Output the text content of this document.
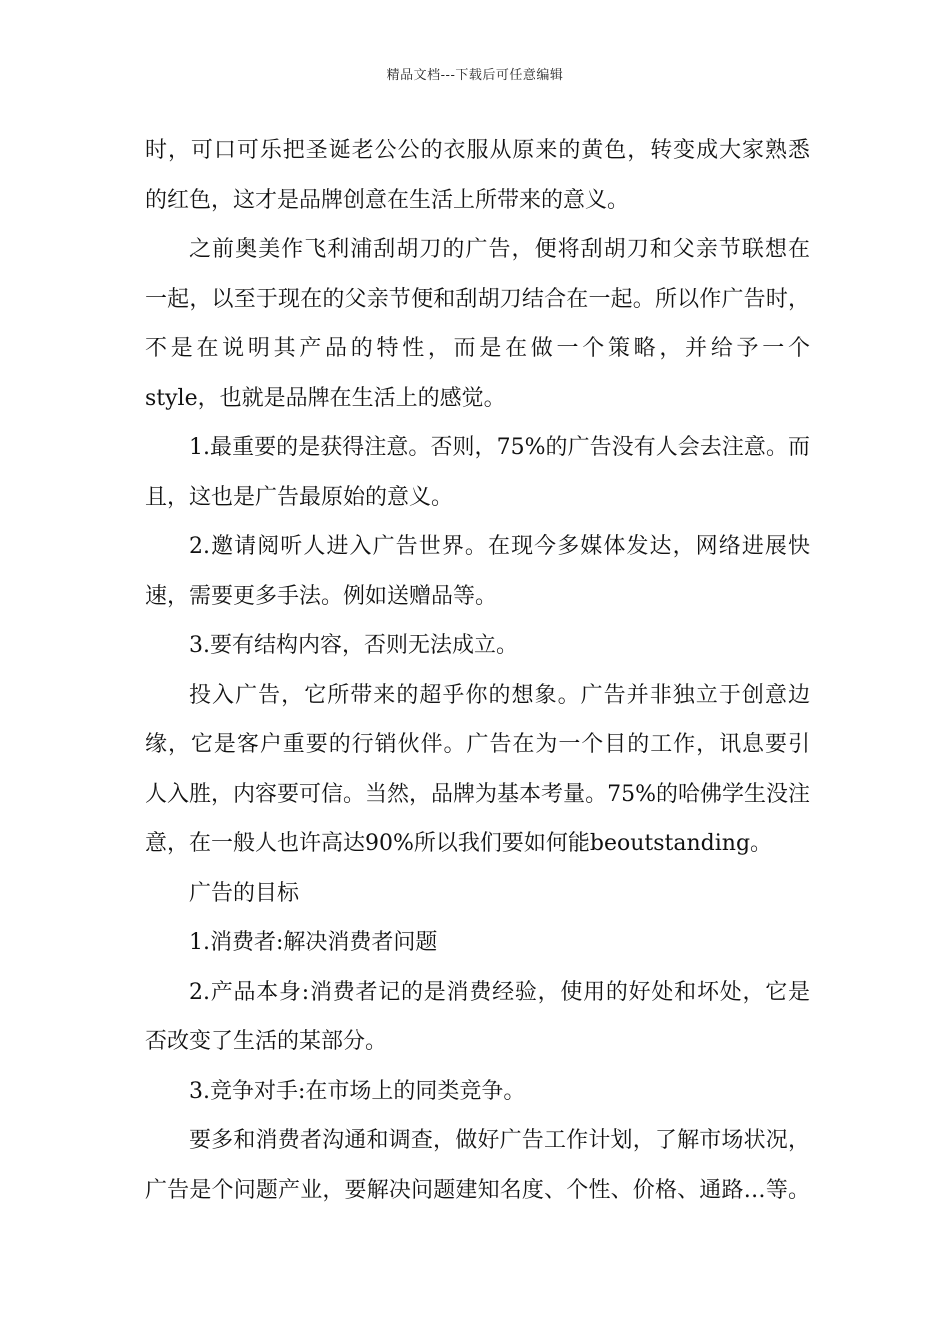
精品文档---下载后可任意编辑

时，可口可乐把圣诞老公公的衣服从原来的黄色，转变成大家熟悉
的红色，这才是品牌创意在生活上所带来的意义。

之前奥美作飞利浦刮胡刀的广告，便将刮胡刀和父亲节联想在
一起，以至于现在的父亲节便和刮胡刀结合在一起。所以作广告时，
不是在说明其产品的特性，而是在做一个策略，并给予一个
style，也就是品牌在生活上的感觉。

1.最重要的是获得注意。否则，75%的广告没有人会去注意。而
且，这也是广告最原始的意义。

2.邀请阅听人进入广告世界。在现今多媒体发达，网络进展快
速，需要更多手法。例如送赠品等。

3.要有结构内容，否则无法成立。

投入广告，它所带来的超乎你的想象。广告并非独立于创意边
缘，它是客户重要的行销伙伴。广告在为一个目的工作，讯息要引
人入胜，内容要可信。当然，品牌为基本考量。75%的哈佛学生没注
意，在一般人也许高达90%所以我们要如何能beoutstanding。

广告的目标

1.消费者:解决消费者问题

2.产品本身:消费者记的是消费经验，使用的好处和坏处，它是
否改变了生活的某部分。

3.竞争对手:在市场上的同类竞争。

要多和消费者沟通和调查，做好广告工作计划，了解市场状况，
广告是个问题产业，要解决问题建知名度、个性、价格、通路…等。
